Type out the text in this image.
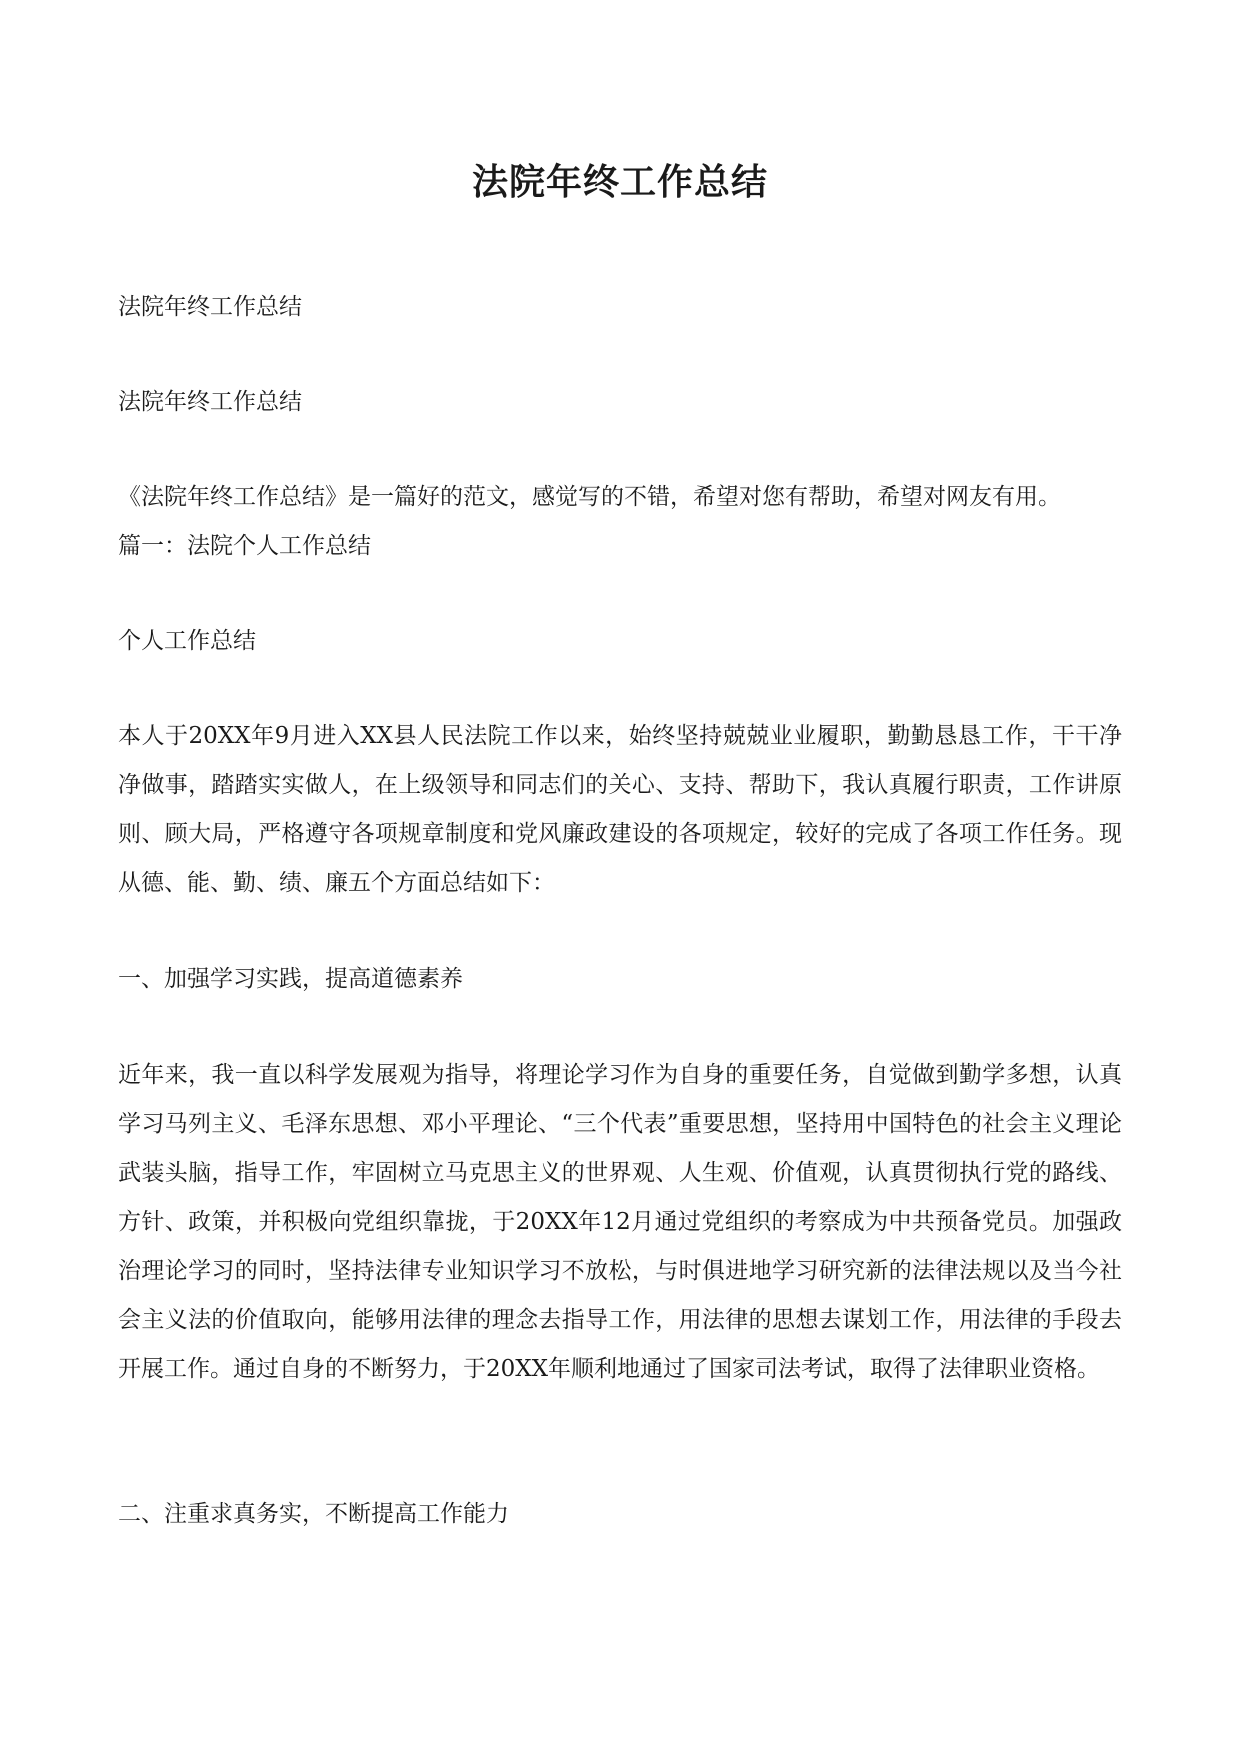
法院年终工作总结

法院年终工作总结

法院年终工作总结

《法院年终工作总结》是一篇好的范文，感觉写的不错，希望对您有帮助，希望对网友有用。

篇一：法院个人工作总结

个人工作总结

本人于20XX年9月进入XX县人民法院工作以来，始终坚持兢兢业业履职，勤勤恳恳工作，干干净净做事，踏踏实实做人，在上级领导和同志们的关心、支持、帮助下，我认真履行职责，工作讲原则、顾大局，严格遵守各项规章制度和党风廉政建设的各项规定，较好的完成了各项工作任务。现从德、能、勤、绩、廉五个方面总结如下：

一、加强学习实践，提高道德素养

近年来，我一直以科学发展观为指导，将理论学习作为自身的重要任务，自觉做到勤学多想，认真学习马列主义、毛泽东思想、邓小平理论、“三个代表”重要思想，坚持用中国特色的社会主义理论武装头脑，指导工作，牢固树立马克思主义的世界观、人生观、价值观，认真贯彻执行党的路线、方针、政策，并积极向党组织靠拢，于20XX年12月通过党组织的考察成为中共预备党员。加强政治理论学习的同时，坚持法律专业知识学习不放松，与时俱进地学习研究新的法律法规以及当今社会主义法的价值取向，能够用法律的理念去指导工作，用法律的思想去谋划工作，用法律的手段去开展工作。通过自身的不断努力，于20XX年顺利地通过了国家司法考试，取得了法律职业资格。

二、注重求真务实，不断提高工作能力
